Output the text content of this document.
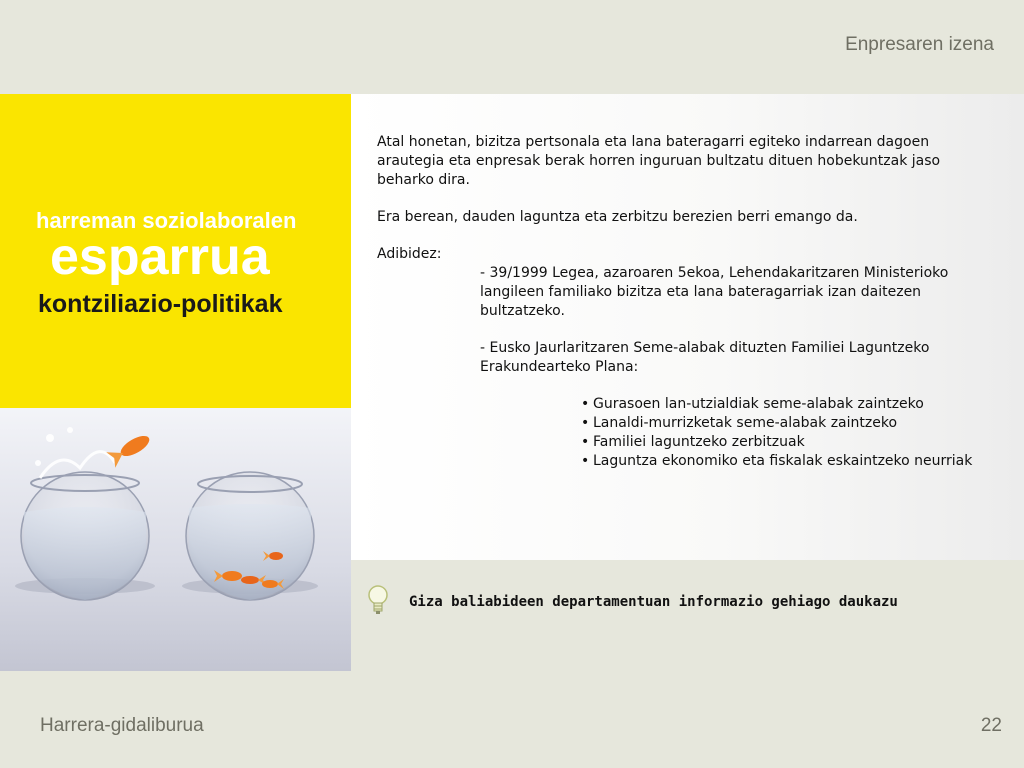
Enpresaren izena
harreman soziolaboralen
esparrua
kontziliazio-politikak

Atal honetan, bizitza pertsonala eta lana bateragarri egiteko indarrean dagoen arautegia eta enpresak berak horren inguruan bultzatu dituen hobekuntzak jaso beharko dira.

Era berean, dauden laguntza eta zerbitzu berezien berri emango da.

Adibidez:

- 39/1999 Legea, azaroaren 5ekoa, Lehendakaritzaren Ministerioko langileen familiako bizitza eta lana bateragarriak izan daitezen bultzatzeko.

- Eusko Jaurlaritzaren Seme-alabak dituzten Familiei Laguntzeko Erakundearteko Plana:

• Gurasoen lan-utzialdiak seme-alabak zaintzeko
• Lanaldi-murrizketak seme-alabak zaintzeko
• Familiei laguntzeko zerbitzuak
• Laguntza ekonomiko eta fiskalak eskaintzeko neurriak
Giza baliabideen departamentuan informazio gehiago daukazu
Harrera-gidaliburua	22
